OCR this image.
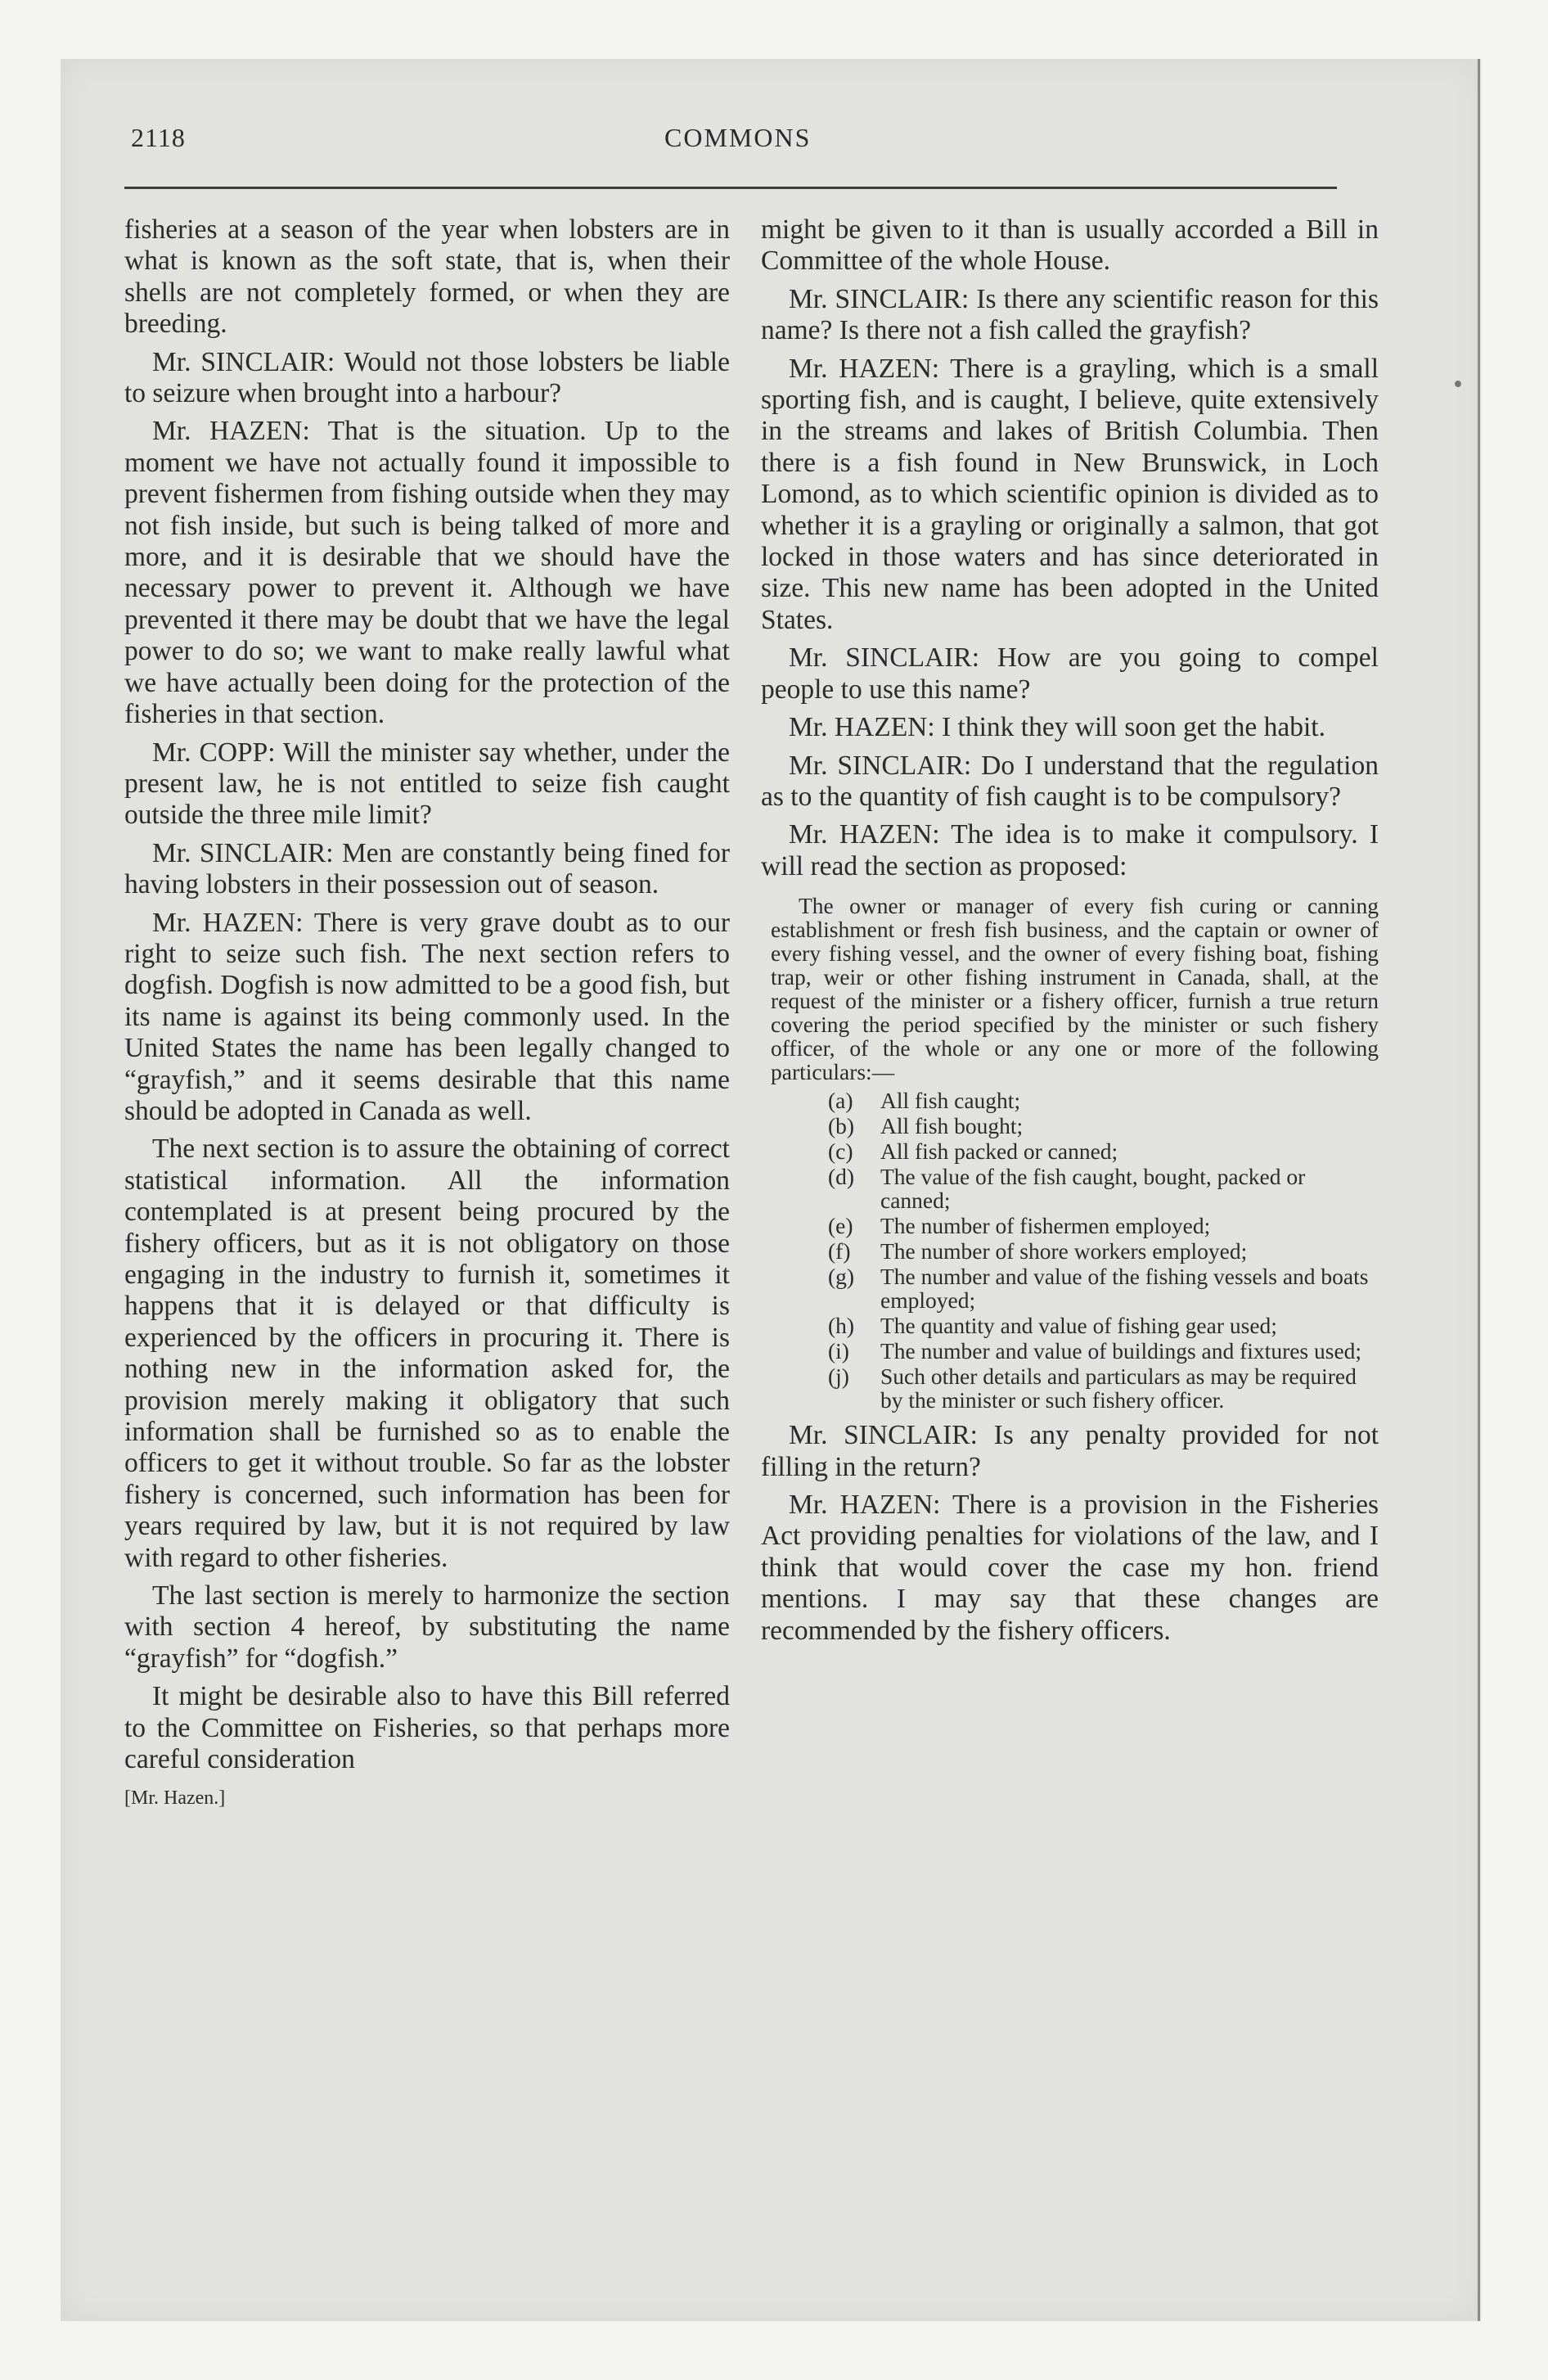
2118	COMMONS

fisheries at a season of the year when lobsters are in what is known as the soft state, that is, when their shells are not completely formed, or when they are breeding.

Mr. SINCLAIR: Would not those lobsters be liable to seizure when brought into a harbour?

Mr. HAZEN: That is the situation. Up to the moment we have not actually found it impossible to prevent fishermen from fishing outside when they may not fish inside, but such is being talked of more and more, and it is desirable that we should have the necessary power to prevent it. Although we have prevented it there may be doubt that we have the legal power to do so; we want to make really lawful what we have actually been doing for the protection of the fisheries in that section.

Mr. COPP: Will the minister say whether, under the present law, he is not entitled to seize fish caught outside the three mile limit?

Mr. SINCLAIR: Men are constantly being fined for having lobsters in their possession out of season.

Mr. HAZEN: There is very grave doubt as to our right to seize such fish. The next section refers to dogfish. Dogfish is now admitted to be a good fish, but its name is against its being commonly used. In the United States the name has been legally changed to “grayfish,” and it seems desirable that this name should be adopted in Canada as well.

The next section is to assure the obtaining of correct statistical information. All the information contemplated is at present being procured by the fishery officers, but as it is not obligatory on those engaging in the industry to furnish it, sometimes it happens that it is delayed or that difficulty is experienced by the officers in procuring it. There is nothing new in the information asked for, the provision merely making it obligatory that such information shall be furnished so as to enable the officers to get it without trouble. So far as the lobster fishery is concerned, such information has been for years required by law, but it is not required by law with regard to other fisheries.

The last section is merely to harmonize the section with section 4 hereof, by substituting the name “grayfish” for “dogfish.”

It might be desirable also to have this Bill referred to the Committee on Fisheries, so that perhaps more careful consideration

[Mr. Hazen.]

might be given to it than is usually accorded a Bill in Committee of the whole House.

Mr. SINCLAIR: Is there any scientific reason for this name? Is there not a fish called the grayfish?

Mr. HAZEN: There is a grayling, which is a small sporting fish, and is caught, I believe, quite extensively in the streams and lakes of British Columbia. Then there is a fish found in New Brunswick, in Loch Lomond, as to which scientific opinion is divided as to whether it is a grayling or originally a salmon, that got locked in those waters and has since deteriorated in size. This new name has been adopted in the United States.

Mr. SINCLAIR: How are you going to compel people to use this name?

Mr. HAZEN: I think they will soon get the habit.

Mr. SINCLAIR: Do I understand that the regulation as to the quantity of fish caught is to be compulsory?

Mr. HAZEN: The idea is to make it compulsory. I will read the section as proposed:

The owner or manager of every fish curing or canning establishment or fresh fish business, and the captain or owner of every fishing vessel, and the owner of every fishing boat, fishing trap, weir or other fishing instrument in Canada, shall, at the request of the minister or a fishery officer, furnish a true return covering the period specified by the minister or such fishery officer, of the whole or any one or more of the following particulars:—

(a) All fish caught;
(b) All fish bought;
(c) All fish packed or canned;
(d) The value of the fish caught, bought, packed or canned;
(e) The number of fishermen employed;
(f) The number of shore workers employed;
(g) The number and value of the fishing vessels and boats employed;
(h) The quantity and value of fishing gear used;
(i) The number and value of buildings and fixtures used;
(j) Such other details and particulars as may be required by the minister or such fishery officer.

Mr. SINCLAIR: Is any penalty provided for not filling in the return?

Mr. HAZEN: There is a provision in the Fisheries Act providing penalties for violations of the law, and I think that would cover the case my hon. friend mentions. I may say that these changes are recommended by the fishery officers.
